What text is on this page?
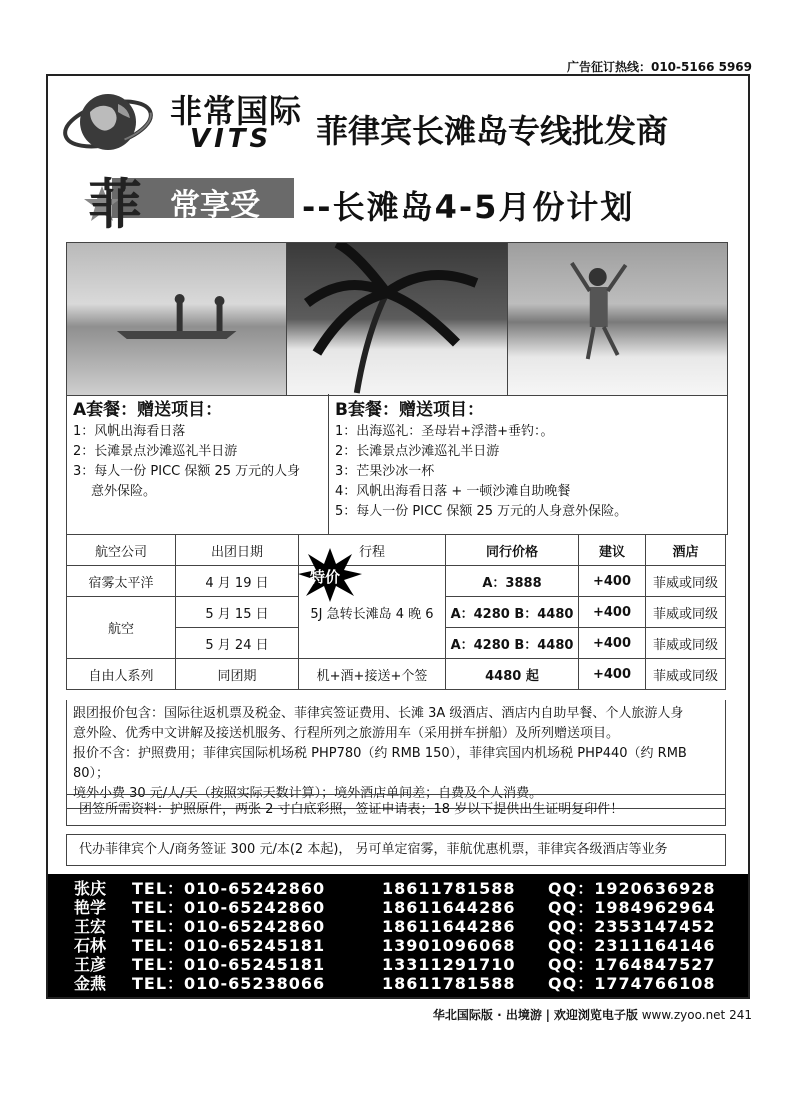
广告征订热线：010-5166 5969
非常国际
VITS 菲律宾长滩岛专线批发商
菲 常享受 --长滩岛4-5月份计划
A套餐：赠送项目：
1：风帆出海看日落
2：长滩景点沙滩巡礼半日游
3：每人一份 PICC 保额 25 万元的人身
意外保险。
B套餐：赠送项目：
1：出海巡礼：圣母岩+浮潜+垂钓：。
2：长滩景点沙滩巡礼半日游
3：芒果沙冰一杯
4：风帆出海看日落 + 一顿沙滩自助晚餐
5：每人一份 PICC 保额 25 万元的人身意外保险。
航空公司	出团日期	行程	同行价格	建议	酒店
宿雾太平洋	4 月 19 日	5J 急转长滩岛 4 晚 6	A：3888	+400	菲威或同级
航空	5 月 15 日		A：4280 B：4480	+400	菲威或同级
	5 月 24 日		A：4280 B：4480	+400	菲威或同级
自由人系列	同团期	机+酒+接送+个签	4480 起	+400	菲威或同级
特价
跟团报价包含：国际往返机票及税金、菲律宾签证费用、长滩 3A 级酒店、酒店内自助早餐、个人旅游人身
意外险、优秀中文讲解及接送机服务、行程所列之旅游用车（采用拼车拼船）及所列赠送项目。
报价不含：护照费用；菲律宾国际机场税 PHP780（约 RMB 150），菲律宾国内机场税 PHP440（约 RMB 80）；
境外小费 30 元/人/天（按照实际天数计算）；境外酒店单间差；自费及个人消费。
团签所需资料：护照原件，两张 2 寸白底彩照，签证申请表；18 岁以下提供出生证明复印件！
代办菲律宾个人/商务签证 300 元/本(2 本起)， 另可单定宿雾，菲航优惠机票，菲律宾各级酒店等业务
张庆 TEL：010-65242860	18611781588 QQ：1920636928
艳学 TEL：010-65242860	18611644286 QQ：1984962964
王宏 TEL：010-65242860	18611644286 QQ：2353147452
石林 TEL：010-65245181	13901096068 QQ：2311164146
王彦 TEL：010-65245181	13311291710 QQ：1764847527
金燕 TEL：010-65238066	18611781588 QQ：1774766108
华北国际版 · 出境游 | 欢迎浏览电子版 www.zyoo.net 241
